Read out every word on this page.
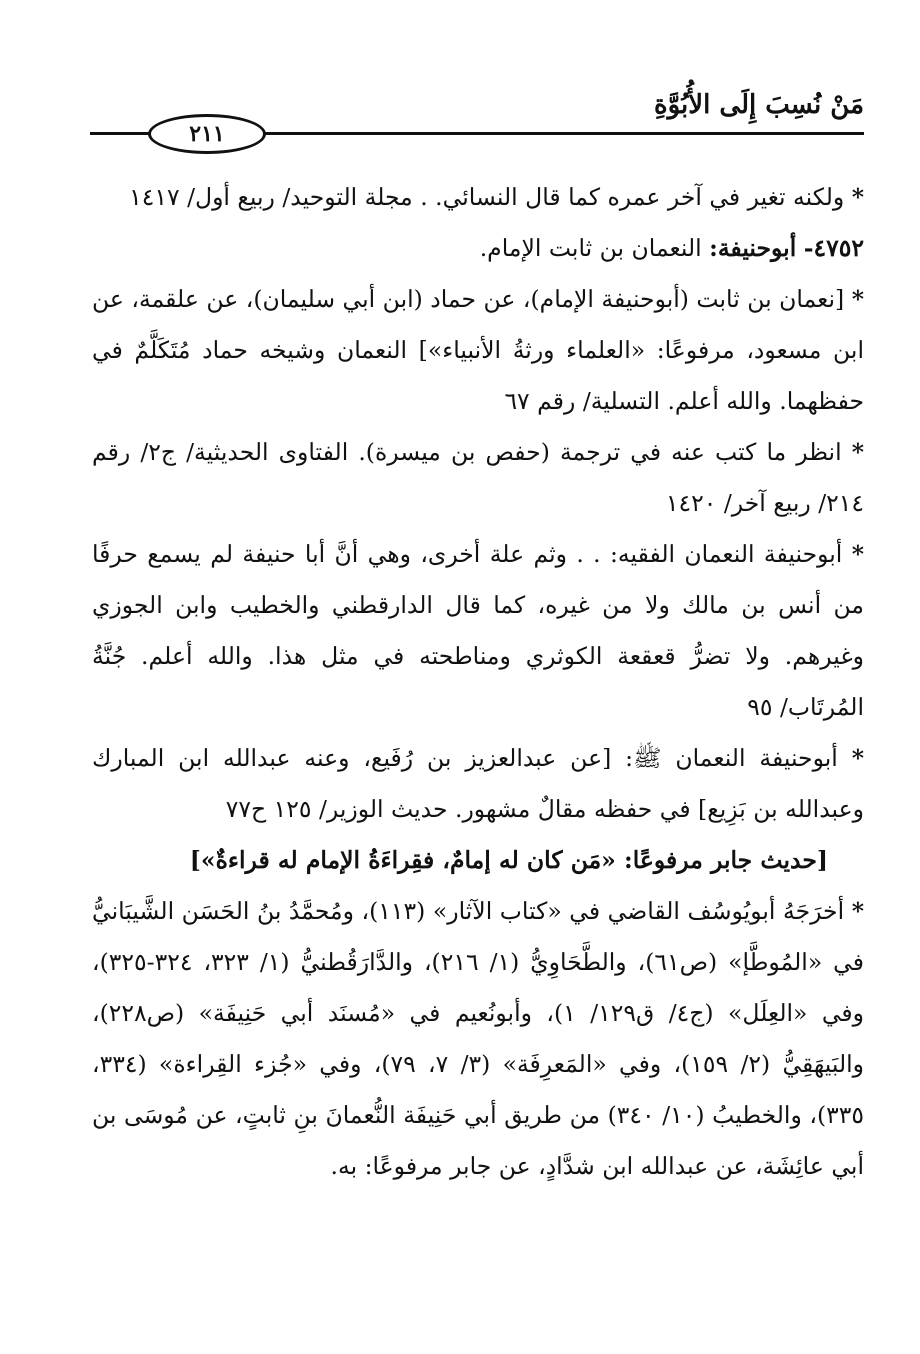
مَنْ نُسِبَ إِلَى الأُبُوَّةِ
٢١١

* ولكنه تغير في آخر عمره كما قال النسائي. . مجلة التوحيد/ ربيع أول/ ١٤١٧

٤٧٥٢- أبوحنيفة: النعمان بن ثابت الإمام.

* [نعمان بن ثابت (أبوحنيفة الإمام)، عن حماد (ابن أبي سليمان)، عن علقمة، عن ابن مسعود، مرفوعًا: «العلماء ورثةُ الأنبياء»] النعمان وشيخه حماد مُتَكَلَّمٌ في حفظهما. والله أعلم. التسلية/ رقم ٦٧

* انظر ما كتب عنه في ترجمة (حفص بن ميسرة). الفتاوى الحديثية/ ج٢/ رقم ٢١٤/ ربيع آخر/ ١٤٢٠

* أبوحنيفة النعمان الفقيه: . . وثم علة أخرى، وهي أنَّ أبا حنيفة لم يسمع حرفًا من أنس بن مالك ولا من غيره، كما قال الدارقطني والخطيب وابن الجوزي وغيرهم. ولا تضرُّ قعقعة الكوثري ومناطحته في مثل هذا. والله أعلم. جُنَّةُ المُرتَاب/ ٩٥

* أبوحنيفة النعمان ﷺ: [عن عبدالعزيز بن رُفَيع، وعنه عبدالله ابن المبارك وعبدالله بن بَزِيع] في حفظه مقالٌ مشهور. حديث الوزير/ ١٢٥ ح٧٧

[حديث جابر مرفوعًا: «مَن كان له إمامٌ، فقِراءَةُ الإمام له قراءةٌ»]

* أخرَجَهُ أبويُوسُف القاضي في «كتاب الآثار» (١١٣)، ومُحمَّدُ بنُ الحَسَن الشَّيبَانيُّ في «المُوطَّإ» (ص٦١)، والطَّحَاوِيُّ (١/ ٢١٦)، والدَّارَقُطنيُّ (١/ ٣٢٣، ٣٢٤-٣٢٥)، وفي «العِلَل» (ج٤/ ق١٢٩/ ١)، وأبونُعيم في «مُسنَد أبي حَنِيفَة» (ص٢٢٨)، والبَيهَقِيُّ (٢/ ١٥٩)، وفي «المَعرِفَة» (٣/ ٧، ٧٩)، وفي «جُزء القِراءة» (٣٣٤، ٣٣٥)، والخطيبُ (١٠/ ٣٤٠) من طريق أبي حَنِيفَة النُّعمانَ بنِ ثابتٍ، عن مُوسَى بن أبي عائِشَة، عن عبدالله ابن شدَّادٍ، عن جابر مرفوعًا: به.
